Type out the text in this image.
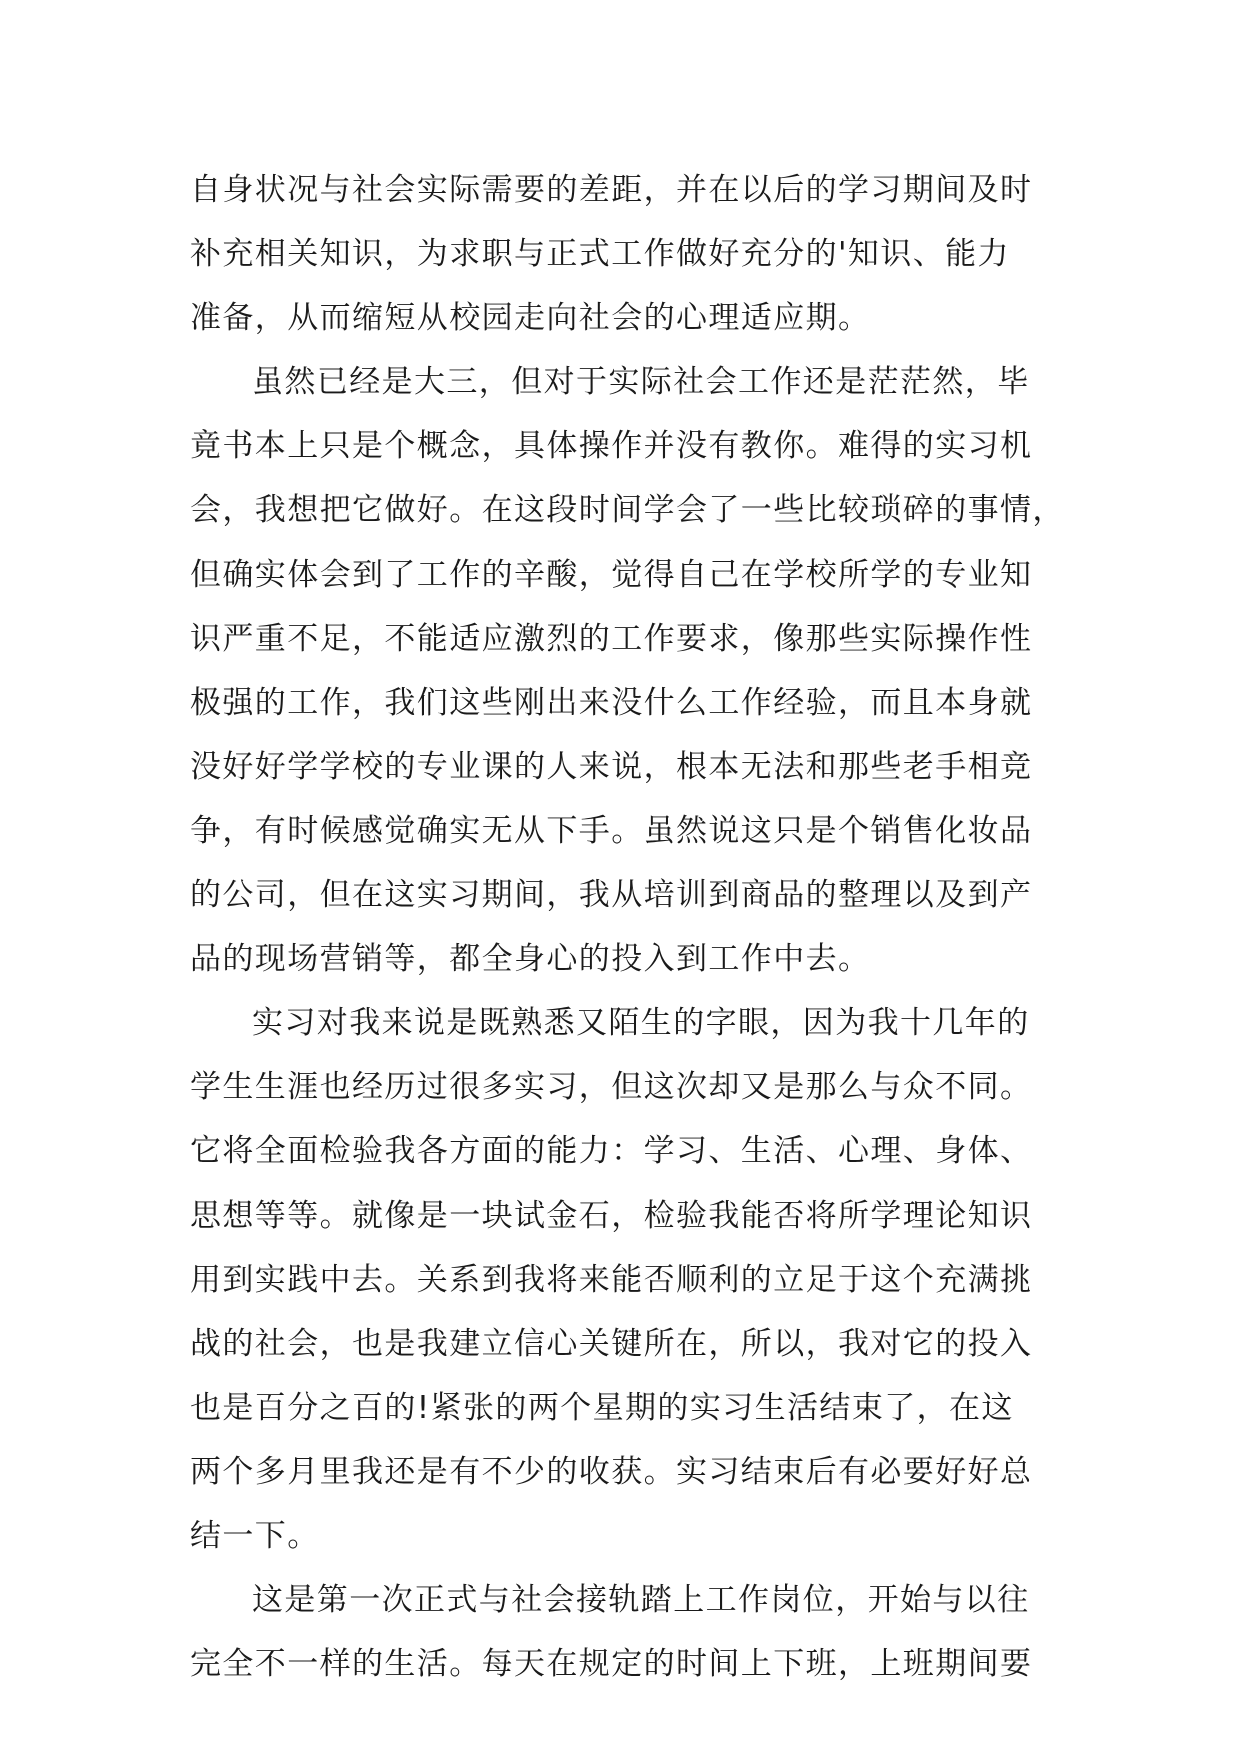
自身状况与社会实际需要的差距，并在以后的学习期间及时
补充相关知识，为求职与正式工作做好充分的'知识、能力
准备，从而缩短从校园走向社会的心理适应期。
虽然已经是大三，但对于实际社会工作还是茫茫然，毕
竟书本上只是个概念，具体操作并没有教你。难得的实习机
会，我想把它做好。在这段时间学会了一些比较琐碎的事情，
但确实体会到了工作的辛酸，觉得自己在学校所学的专业知
识严重不足，不能适应激烈的工作要求，像那些实际操作性
极强的工作，我们这些刚出来没什么工作经验，而且本身就
没好好学学校的专业课的人来说，根本无法和那些老手相竞
争，有时候感觉确实无从下手。虽然说这只是个销售化妆品
的公司，但在这实习期间，我从培训到商品的整理以及到产
品的现场营销等，都全身心的投入到工作中去。
实习对我来说是既熟悉又陌生的字眼，因为我十几年的
学生生涯也经历过很多实习，但这次却又是那么与众不同。
它将全面检验我各方面的能力：学习、生活、心理、身体、
思想等等。就像是一块试金石，检验我能否将所学理论知识
用到实践中去。关系到我将来能否顺利的立足于这个充满挑
战的社会，也是我建立信心关键所在，所以，我对它的投入
也是百分之百的!紧张的两个星期的实习生活结束了，在这
两个多月里我还是有不少的收获。实习结束后有必要好好总
结一下。
这是第一次正式与社会接轨踏上工作岗位，开始与以往
完全不一样的生活。每天在规定的时间上下班，上班期间要
